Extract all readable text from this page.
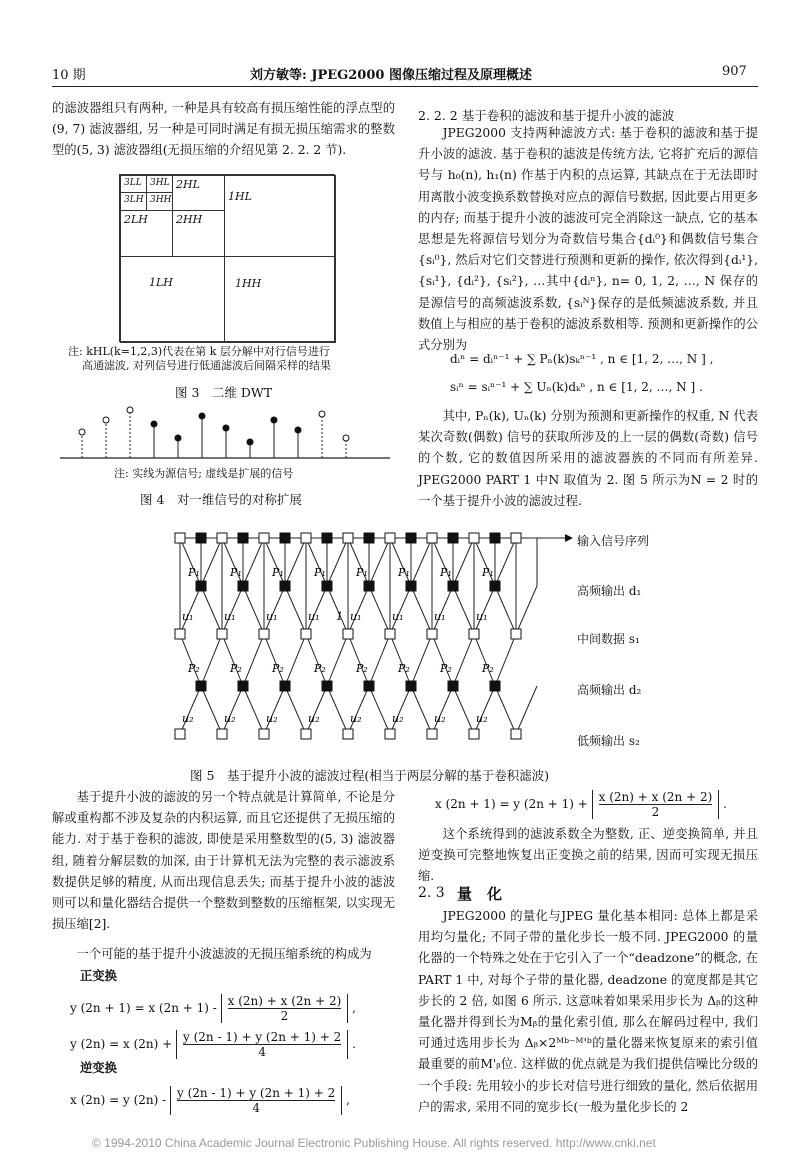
10 期	刘方敏等: JPEG2000 图像压缩过程及原理概述	907

的滤波器组只有两种, 一种是具有较高有损压缩性能的浮点型的(9, 7) 滤波器组, 另一种是可同时满足有损无损压缩需求的整数型的(5, 3) 滤波器组(无损压缩的介绍见第 2. 2. 2 节).

3LL 3HL 2HL
1HL
3LH 3HH
2LH	2HH
1LH	1HH
注: kHL(k=1,2,3)代表在第 k 层分解中对行信号进行
高通滤波, 对列信号进行低通滤波后间隔采样的结果
图 3　二维 DWT
注: 实线为源信号; 虚线是扩展的信号
图 4　对一维信号的对称扩展
2. 2. 2 基于卷积的滤波和基于提升小波的滤波

JPEG2000 支持两种滤波方式: 基于卷积的滤波和基于提升小波的滤波. 基于卷积的滤波是传统方法, 它将扩充后的源信号与 h₀(n), h₁(n) 作基于内积的点运算, 其缺点在于无法即时用离散小波变换系数替换对应点的源信号数据, 因此要占用更多的内存; 而基于提升小波的滤波可完全消除这一缺点, 它的基本思想是先将源信号划分为奇数信号集合{dᵢ⁰}和偶数信号集合{sᵢ⁰}, 然后对它们交替进行预测和更新的操作, 依次得到{dᵢ¹}, {sᵢ¹}, {dᵢ²}, {sᵢ²}, …其中{dᵢⁿ}, n= 0, 1, 2, …, N 保存的是源信号的高频滤波系数, {sᵢᴺ}保存的是低频滤波系数, 并且数值上与相应的基于卷积的滤波系数相等. 预测和更新操作的公式分别为

dᵢⁿ = dᵢⁿ⁻¹ + ∑ Pₙ(k)sₖⁿ⁻¹ , n ∈ [1, 2, …, N ] ,
sᵢⁿ = sᵢⁿ⁻¹ + ∑ Uₙ(k)dₖⁿ , n ∈ [1, 2, …, N ] .

其中, Pₙ(k), Uₙ(k) 分别为预测和更新操作的权重, N 代表某次奇数(偶数) 信号的获取所涉及的上一层的偶数(奇数) 信号的个数, 它的数值因所采用的滤波器族的不同而有所差异. JPEG2000 PART 1 中N 取值为 2. 图 5 所示为N = 2 时的一个基于提升小波的滤波过程.

P₁
u₁
P₂
u₂
P₁
u₁
P₂
u₂
P₁
u₁
P₂
u₂
P₁
u₁
P₂
u₂
P₁
u₁
P₂
u₂
P₁
u₁
P₂
u₂
P₁
u₁
P₂
u₂
P₁
u₁
P₂
u₂
1
输入信号序列
高频输出 d₁
中间数据 s₁
高频输出 d₂
低频输出 s₂
图 5　基于提升小波的滤波过程(相当于两层分解的基于卷积滤波)

基于提升小波的滤波的另一个特点就是计算简单, 不论是分解或重构都不涉及复杂的内积运算, 而且它还提供了无损压缩的能力. 对于基于卷积的滤波, 即使是采用整数型的(5, 3) 滤波器组, 随着分解层数的加深, 由于计算机无法为完整的表示滤波系数提供足够的精度, 从而出现信息丢失; 而基于提升小波的滤波则可以和量化器结合提供一个整数到整数的压缩框架, 以实现无损压缩[2].

一个可能的基于提升小波滤波的无损压缩系统的构成为

正变换
y (2n + 1) = x $(2n + 1) - \frac{x (2n) + x (2n + 2)}{2}$ ,
y (2n) = x $(2n) + \frac{y (2n - 1) + y (2n + 1) + 2}{4}$ .
逆变换
x (2n) = y $(2n) - \frac{y (2n - 1) + y (2n + 1) + 2}{4}$ ,
x (2n + 1) = y $(2n + 1) + \frac{x (2n) + x (2n + 2)}{2}$ .

这个系统得到的滤波系数全为整数, 正、逆变换简单, 并且逆变换可完整地恢复出正变换之前的结果, 因而可实现无损压缩.

2. 3 量　化

JPEG2000 的量化与JPEG 量化基本相同: 总体上都是采用均匀量化; 不同子带的量化步长一般不同. JPEG2000 的量化器的一个特殊之处在于它引入了一个“deadzone”的概念, 在PART 1 中, 对每个子带的量化器, deadzone 的宽度都是其它步长的 2 倍, 如图 6 所示. 这意味着如果采用步长为 Δᵦ的这种量化器并得到长为Mᵦ的量化索引值, 那么在解码过程中, 我们可通过选用步长为 Δᵦ×2ᴹᵇ⁻ᴹ'ᵇ的量化器来恢复原来的索引值最重要的前M'ᵦ位. 这样做的优点就是为我们提供信噪比分级的一个手段: 先用较小的步长对信号进行细致的量化, 然后依据用户的需求, 采用不同的宽步长(一般为量化步长的 2

© 1994-2010 China Academic Journal Electronic Publishing House. All rights reserved. http://www.cnki.net
